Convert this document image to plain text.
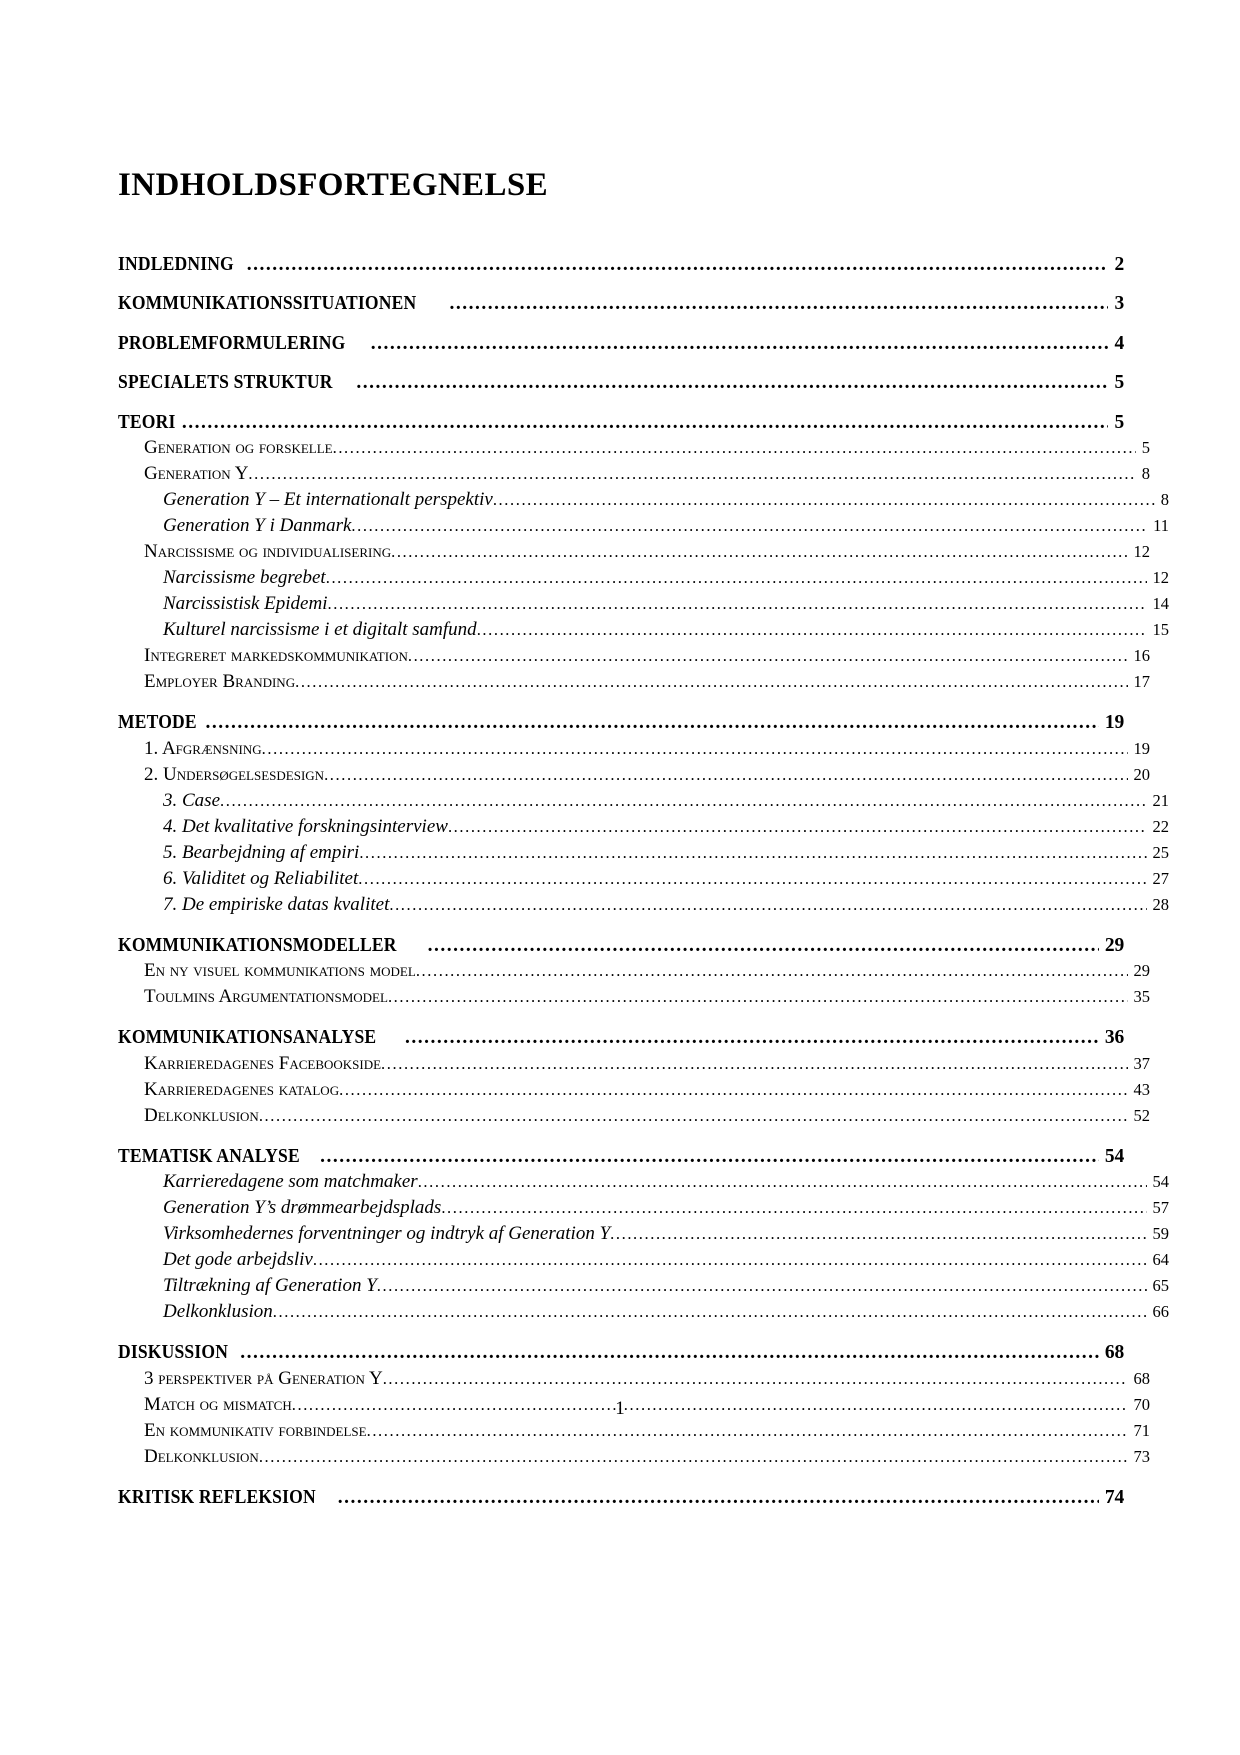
INDHOLDSFORTEGNELSE
INDLEDNING .....	2
KOMMUNIKATIONSSITUATIONEN .....	3
PROBLEMFORMULERING .....	4
SPECIALETS STRUKTUR .....	5
TEORI .....	5
Generation og forskelle .....	5
Generation Y .....	8
Generation Y – Et internationalt perspektiv .....	8
Generation Y i Danmark .....	11
Narcissisme og individualisering .....	12
Narcissisme begrebet .....	12
Narcissistisk Epidemi .....	14
Kulturel narcissisme i et digitalt samfund .....	15
Integreret markedskommunikation .....	16
Employer Branding .....	17
METODE .....	19
1. Afgrænsning .....	19
2. Undersøgelsesdesign .....	20
3. Case .....	21
4. Det kvalitative forskningsinterview .....	22
5. Bearbejdning af empiri .....	25
6. Validitet og Reliabilitet .....	27
7. De empiriske datas kvalitet .....	28
KOMMUNIKATIONSMODELLER .....	29
En ny visuel kommunikations model .....	29
Toulmins Argumentationsmodel .....	35
KOMMUNIKATIONSANALYSE .....	36
Karrieredagenes Facebookside .....	37
Karrieredagenes katalog .....	43
Delkonklusion .....	52
TEMATISK ANALYSE .....	54
Karrieredagene som matchmaker .....	54
Generation Y’s drømmearbejdsplads .....	57
Virksomhedernes forventninger og indtryk af Generation Y .....	59
Det gode arbejdsliv .....	64
Tiltrækning af Generation Y .....	65
Delkonklusion .....	66
DISKUSSION .....	68
3 perspektiver på Generation Y .....	68
Match og mismatch .....	70
En kommunikativ forbindelse .....	71
Delkonklusion .....	73
KRITISK REFLEKSION .....	74
1
